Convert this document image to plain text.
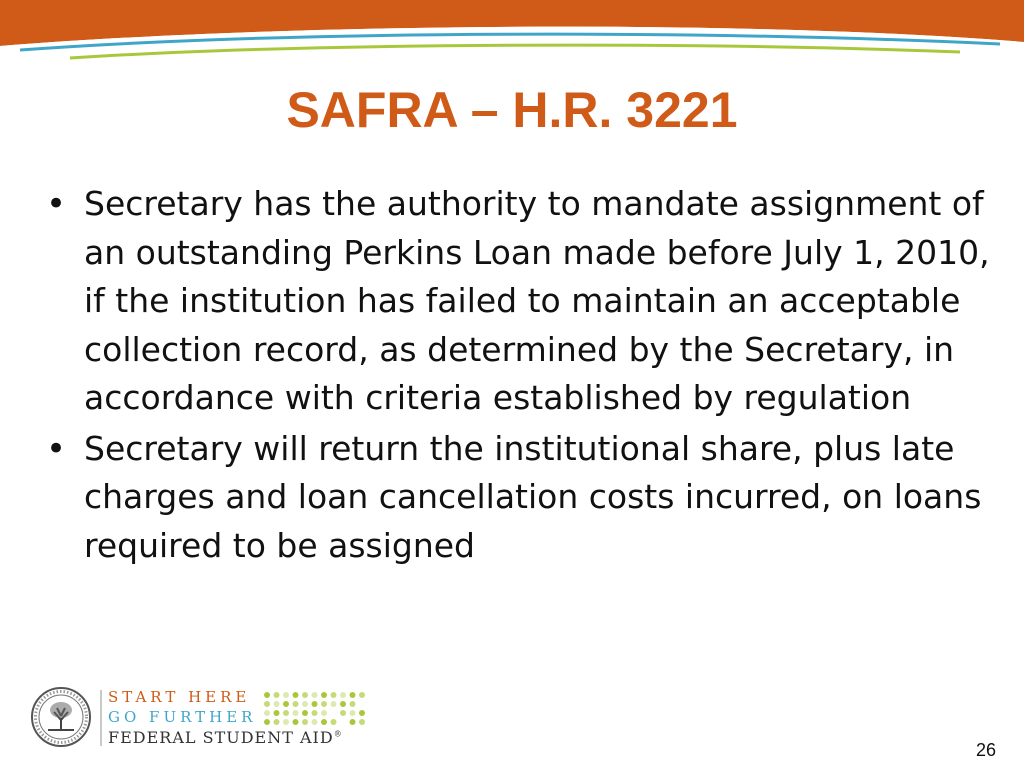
SAFRA – H.R. 3221
• Secretary has the authority to mandate assignment of an outstanding Perkins Loan made before July 1, 2010, if the institution has failed to maintain an acceptable collection record, as determined by the Secretary, in accordance with criteria established by regulation
• Secretary will return the institutional share, plus late charges and loan cancellation costs incurred, on loans required to be assigned
START HERE
GO FURTHER
FEDERAL STUDENT AID®
26
